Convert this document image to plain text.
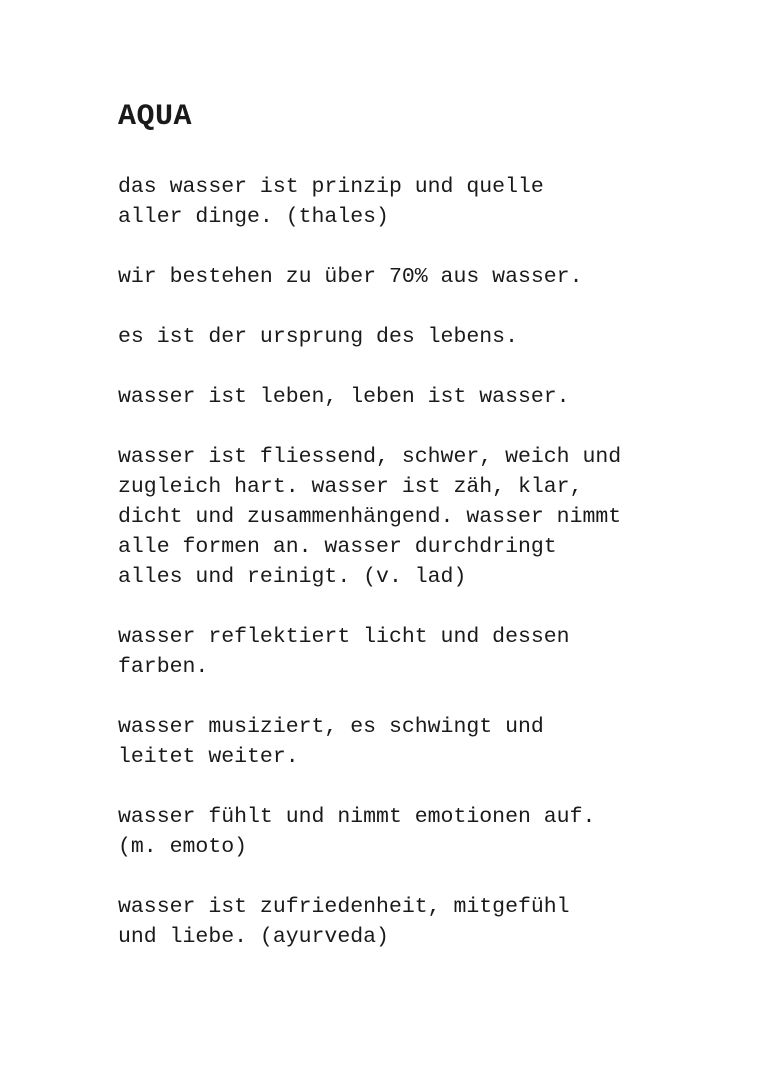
AQUA

das wasser ist prinzip und quelle
aller dinge. (thales)

wir bestehen zu über 70% aus wasser.

es ist der ursprung des lebens.

wasser ist leben, leben ist wasser.

wasser ist fliessend, schwer, weich und
zugleich hart. wasser ist zäh, klar,
dicht und zusammenhängend. wasser nimmt
alle formen an. wasser durchdringt
alles und reinigt. (v. lad)

wasser reflektiert licht und dessen
farben.

wasser musiziert, es schwingt und
leitet weiter.

wasser fühlt und nimmt emotionen auf.
(m. emoto)

wasser ist zufriedenheit, mitgefühl
und liebe. (ayurveda)
